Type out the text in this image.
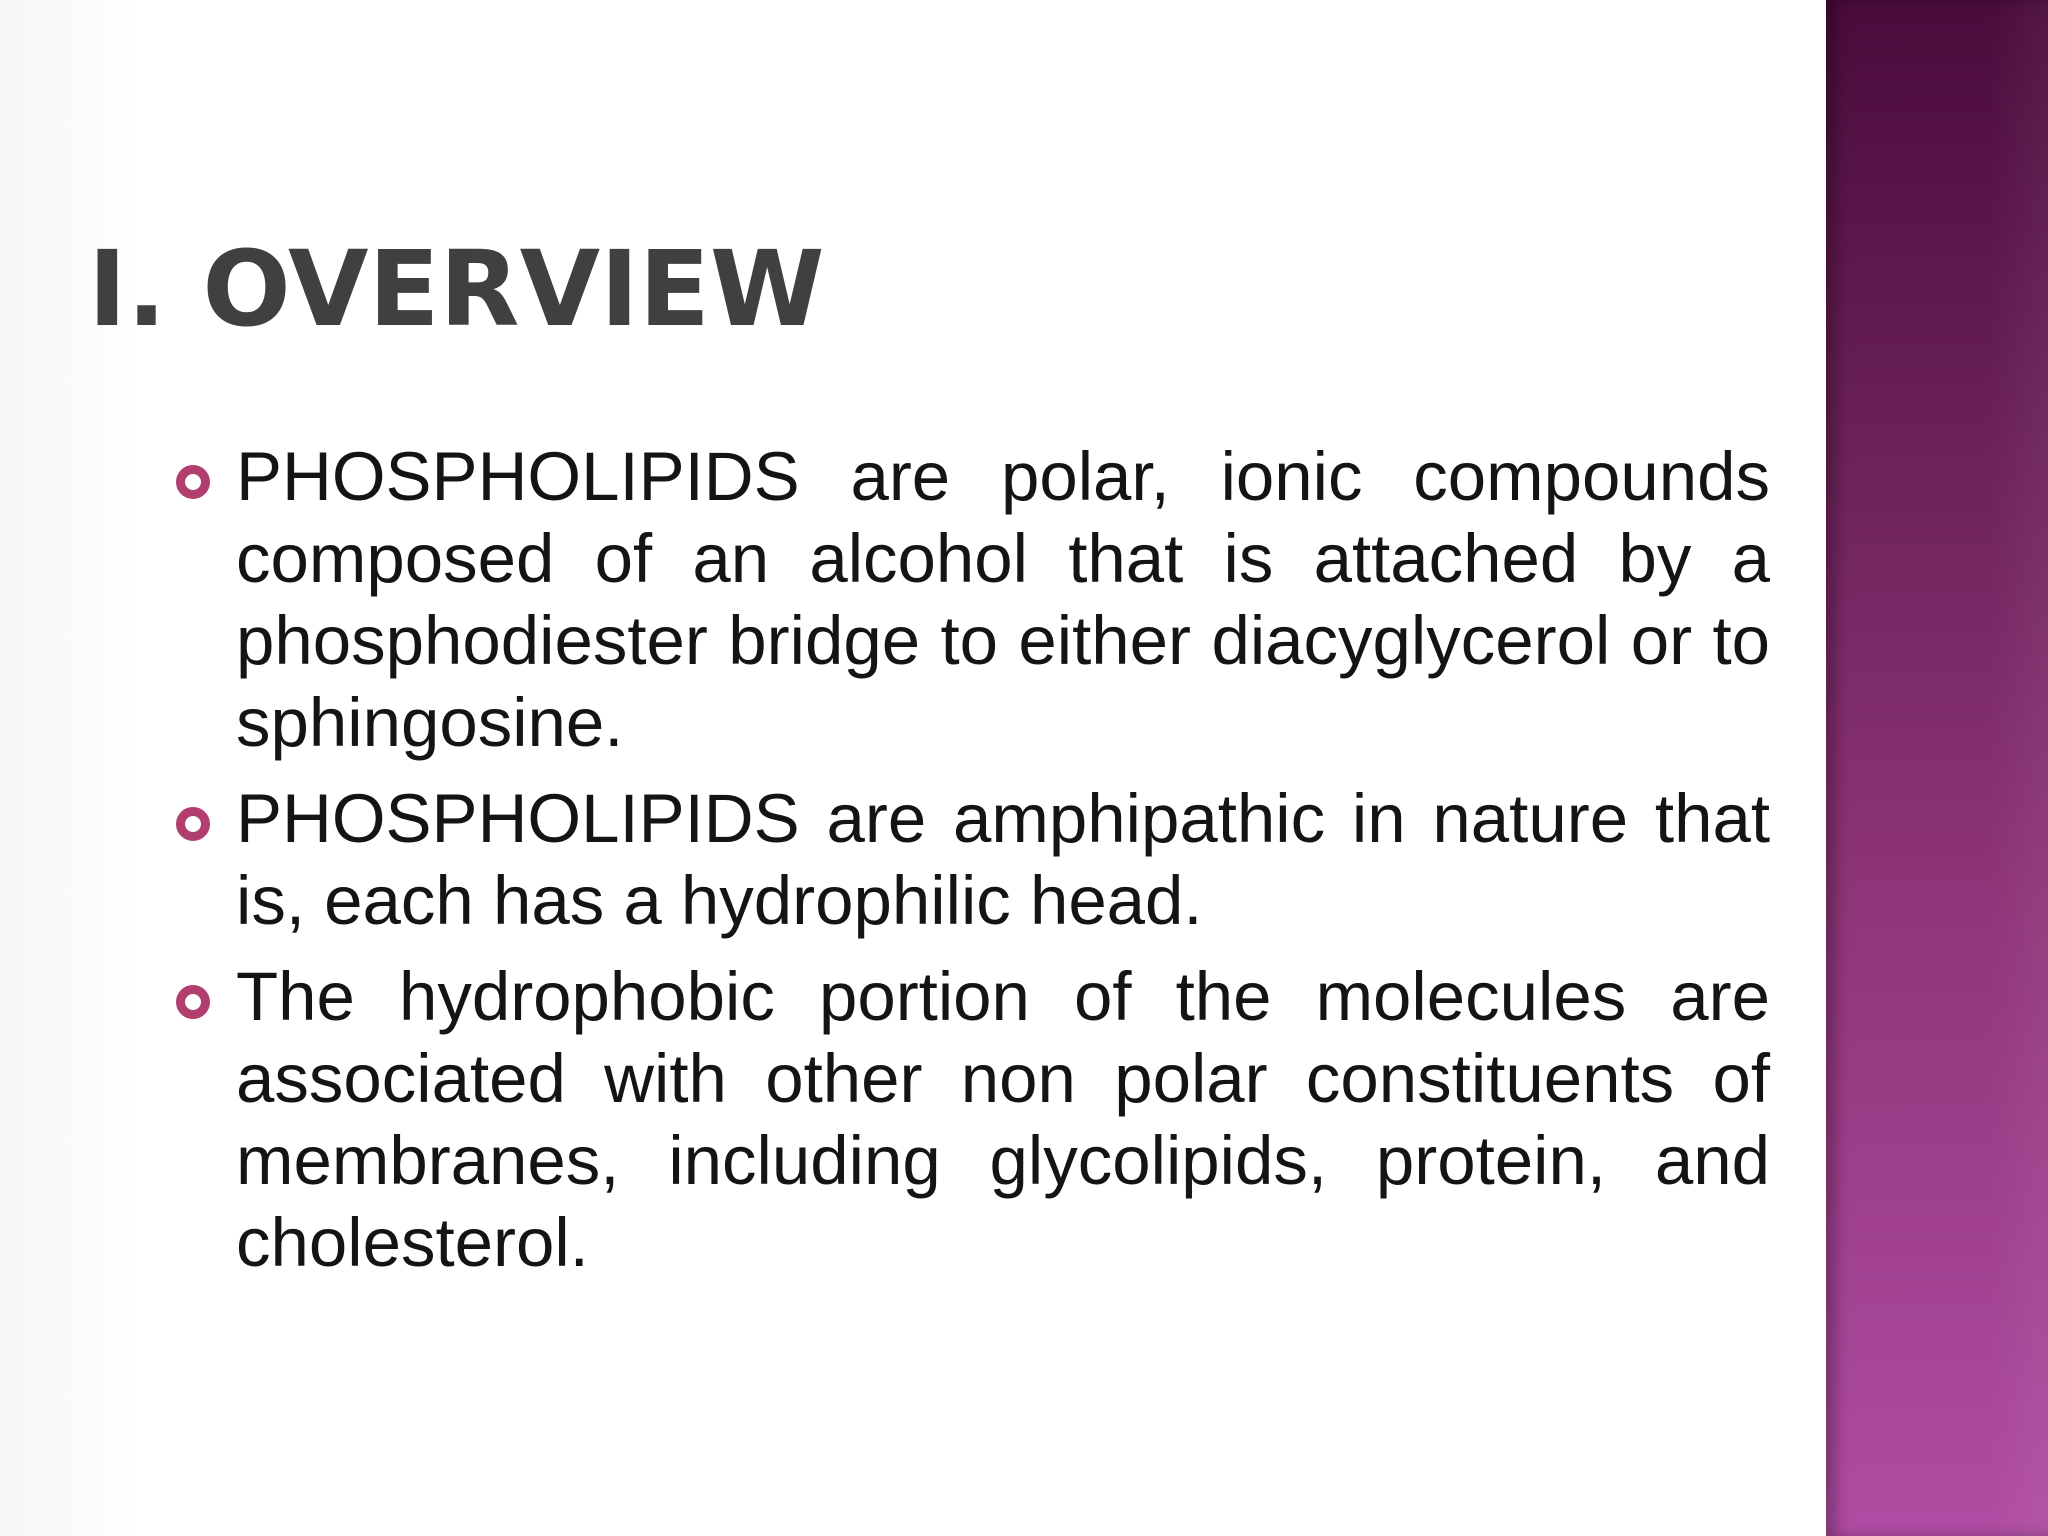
I. OVERVIEW
PHOSPHOLIPIDS are polar, ionic compounds composed of an alcohol that is attached by a phosphodiester bridge to either diacyglycerol or to sphingosine.
PHOSPHOLIPIDS are amphipathic in nature that is, each has a hydrophilic head.
The hydrophobic portion of the molecules are associated with other non polar constituents of membranes, including glycolipids, protein, and cholesterol.
